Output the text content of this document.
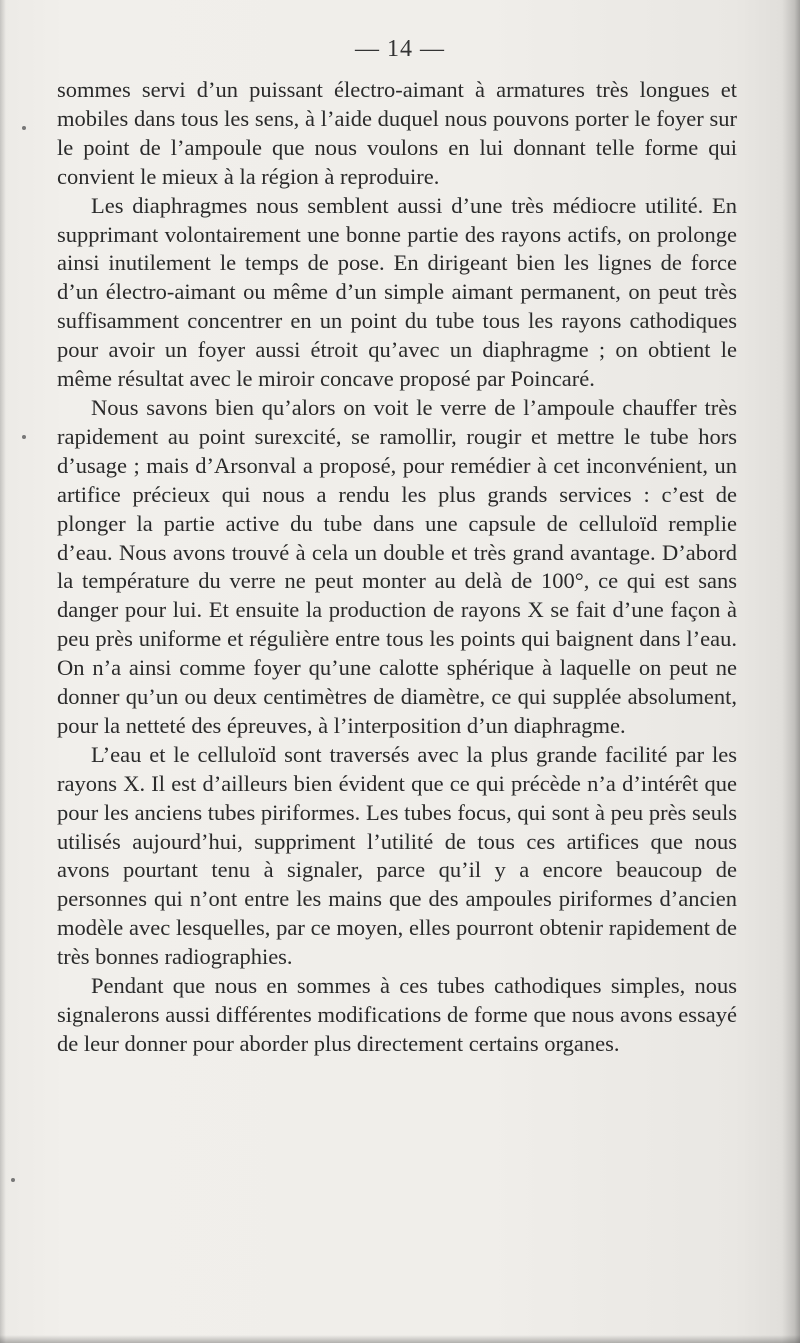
— 14 —

sommes servi d’un puissant électro-aimant à armatures très longues et mobiles dans tous les sens, à l’aide duquel nous pouvons porter le foyer sur le point de l’ampoule que nous voulons en lui donnant telle forme qui convient le mieux à la région à reproduire.

Les diaphragmes nous semblent aussi d’une très médiocre utilité. En supprimant volontairement une bonne partie des rayons actifs, on prolonge ainsi inutilement le temps de pose. En dirigeant bien les lignes de force d’un électro-aimant ou même d’un simple aimant permanent, on peut très suffisamment concentrer en un point du tube tous les rayons cathodiques pour avoir un foyer aussi étroit qu’avec un diaphragme ; on obtient le même résultat avec le miroir concave proposé par Poincaré.

Nous savons bien qu’alors on voit le verre de l’ampoule chauffer très rapidement au point surexcité, se ramollir, rougir et mettre le tube hors d’usage ; mais d’Arsonval a proposé, pour remédier à cet inconvénient, un artifice précieux qui nous a rendu les plus grands services : c’est de plonger la partie active du tube dans une capsule de celluloïd remplie d’eau. Nous avons trouvé à cela un double et très grand avantage. D’abord la température du verre ne peut monter au delà de 100°, ce qui est sans danger pour lui. Et ensuite la production de rayons X se fait d’une façon à peu près uniforme et régulière entre tous les points qui baignent dans l’eau. On n’a ainsi comme foyer qu’une calotte sphérique à laquelle on peut ne donner qu’un ou deux centimètres de diamètre, ce qui supplée absolument, pour la netteté des épreuves, à l’interposition d’un diaphragme.

L’eau et le celluloïd sont traversés avec la plus grande facilité par les rayons X. Il est d’ailleurs bien évident que ce qui précède n’a d’intérêt que pour les anciens tubes piriformes. Les tubes focus, qui sont à peu près seuls utilisés aujourd’hui, suppriment l’utilité de tous ces artifices que nous avons pourtant tenu à signaler, parce qu’il y a encore beaucoup de personnes qui n’ont entre les mains que des ampoules piriformes d’ancien modèle avec lesquelles, par ce moyen, elles pourront obtenir rapidement de très bonnes radiographies.

Pendant que nous en sommes à ces tubes cathodiques simples, nous signalerons aussi différentes modifications de forme que nous avons essayé de leur donner pour aborder plus directement certains organes.
